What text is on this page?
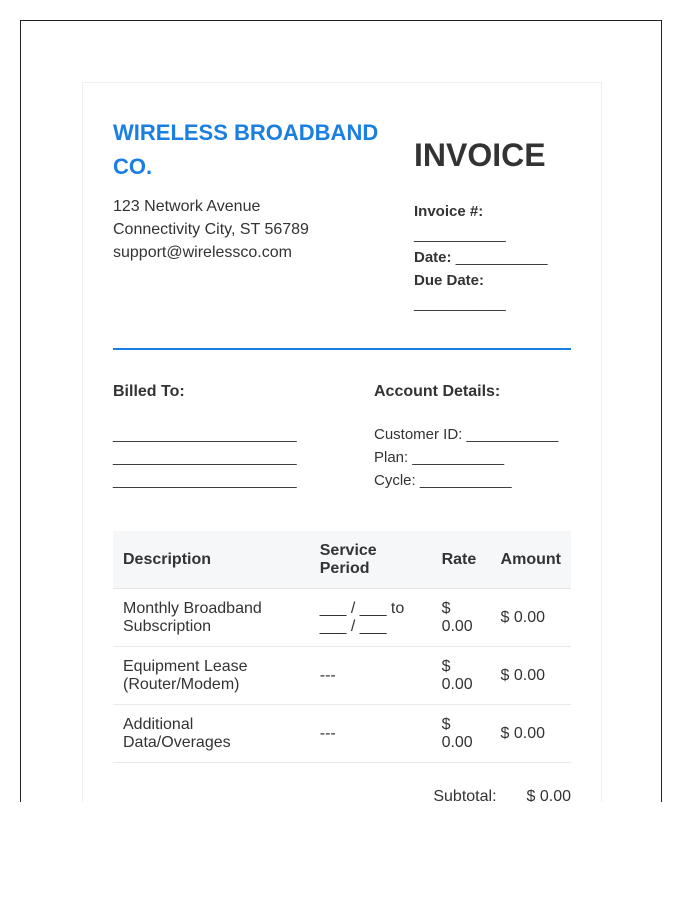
WIRELESS BROADBAND CO.
123 Network Avenue
Connectivity City, ST 56789
support@wirelessco.com
INVOICE
Invoice #:
___________
Date: ___________
Due Date:
___________
Billed To:
______________________
______________________
______________________
Account Details:
Customer ID: ___________
Plan: ___________
Cycle: ___________
Description	Service Period	Rate	Amount
Monthly Broadband Subscription	___ / ___ to ___ / ___	$ 0.00	$ 0.00
Equipment Lease (Router/Modem)	---	$ 0.00	$ 0.00
Additional Data/Overages	---	$ 0.00	$ 0.00
Subtotal: $ 0.00
